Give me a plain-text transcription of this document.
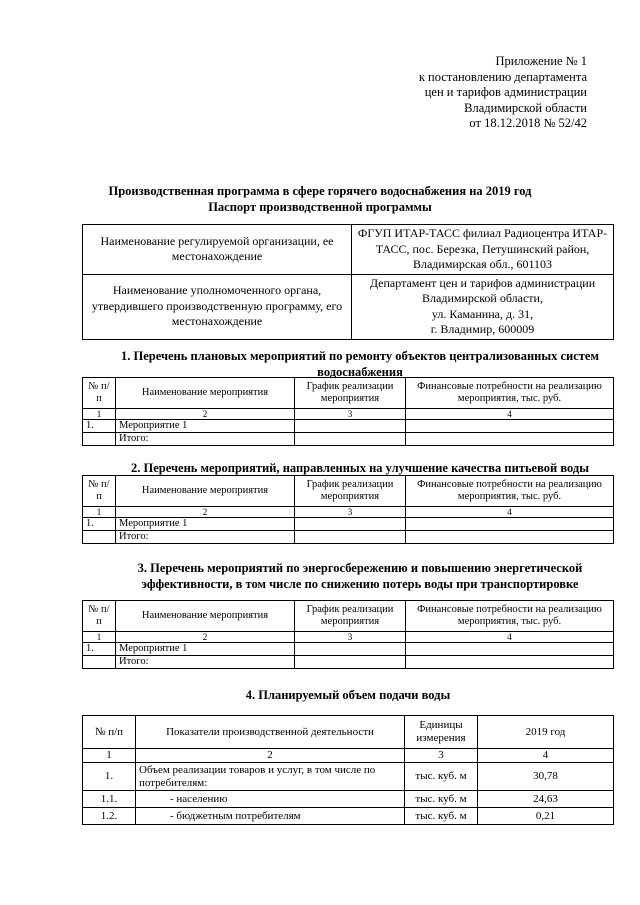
Приложение № 1
к постановлению департамента
цен и тарифов администрации
Владимирской области
от 18.12.2018 № 52/42
Производственная программа в сфере горячего водоснабжения на 2019 год
Паспорт производственной программы
Наименование регулируемой организации, ее местонахождение	ФГУП ИТАР-ТАСС филиал Радиоцентра ИТАР-ТАСС, пос. Березка, Петушинский район, Владимирская обл., 601103
Наименование уполномоченного органа, утвердившего производственную программу, его местонахождение	Департамент цен и тарифов администрации
Владимирской области,
ул. Каманина, д. 31,
г. Владимир, 600009
1. Перечень плановых мероприятий по ремонту объектов централизованных систем
водоснабжения
№ п/п	Наименование мероприятия	График реализации мероприятия	Финансовые потребности на реализацию мероприятия, тыс. руб.
1	2	3	4
1.	Мероприятие 1		
	Итого:		
2. Перечень мероприятий, направленных на улучшение качества питьевой воды
№ п/п	Наименование мероприятия	График реализации мероприятия	Финансовые потребности на реализацию мероприятия, тыс. руб.
1	2	3	4
1.	Мероприятие 1		
	Итого:		
3. Перечень мероприятий по энергосбережению и повышению энергетической
эффективности, в том числе по снижению потерь воды при транспортировке
№ п/п	Наименование мероприятия	График реализации мероприятия	Финансовые потребности на реализацию мероприятия, тыс. руб.
1	2	3	4
1.	Мероприятие 1		
	Итого:		
4. Планируемый объем подачи воды
№ п/п	Показатели производственной деятельности	Единицы измерения	2019 год
1	2	3	4
1.	Объем реализации товаров и услуг, в том числе по потребителям:	тыс. куб. м	30,78
1.1.	- населению	тыс. куб. м	24,63
1.2.	- бюджетным потребителям	тыс. куб. м	0,21
